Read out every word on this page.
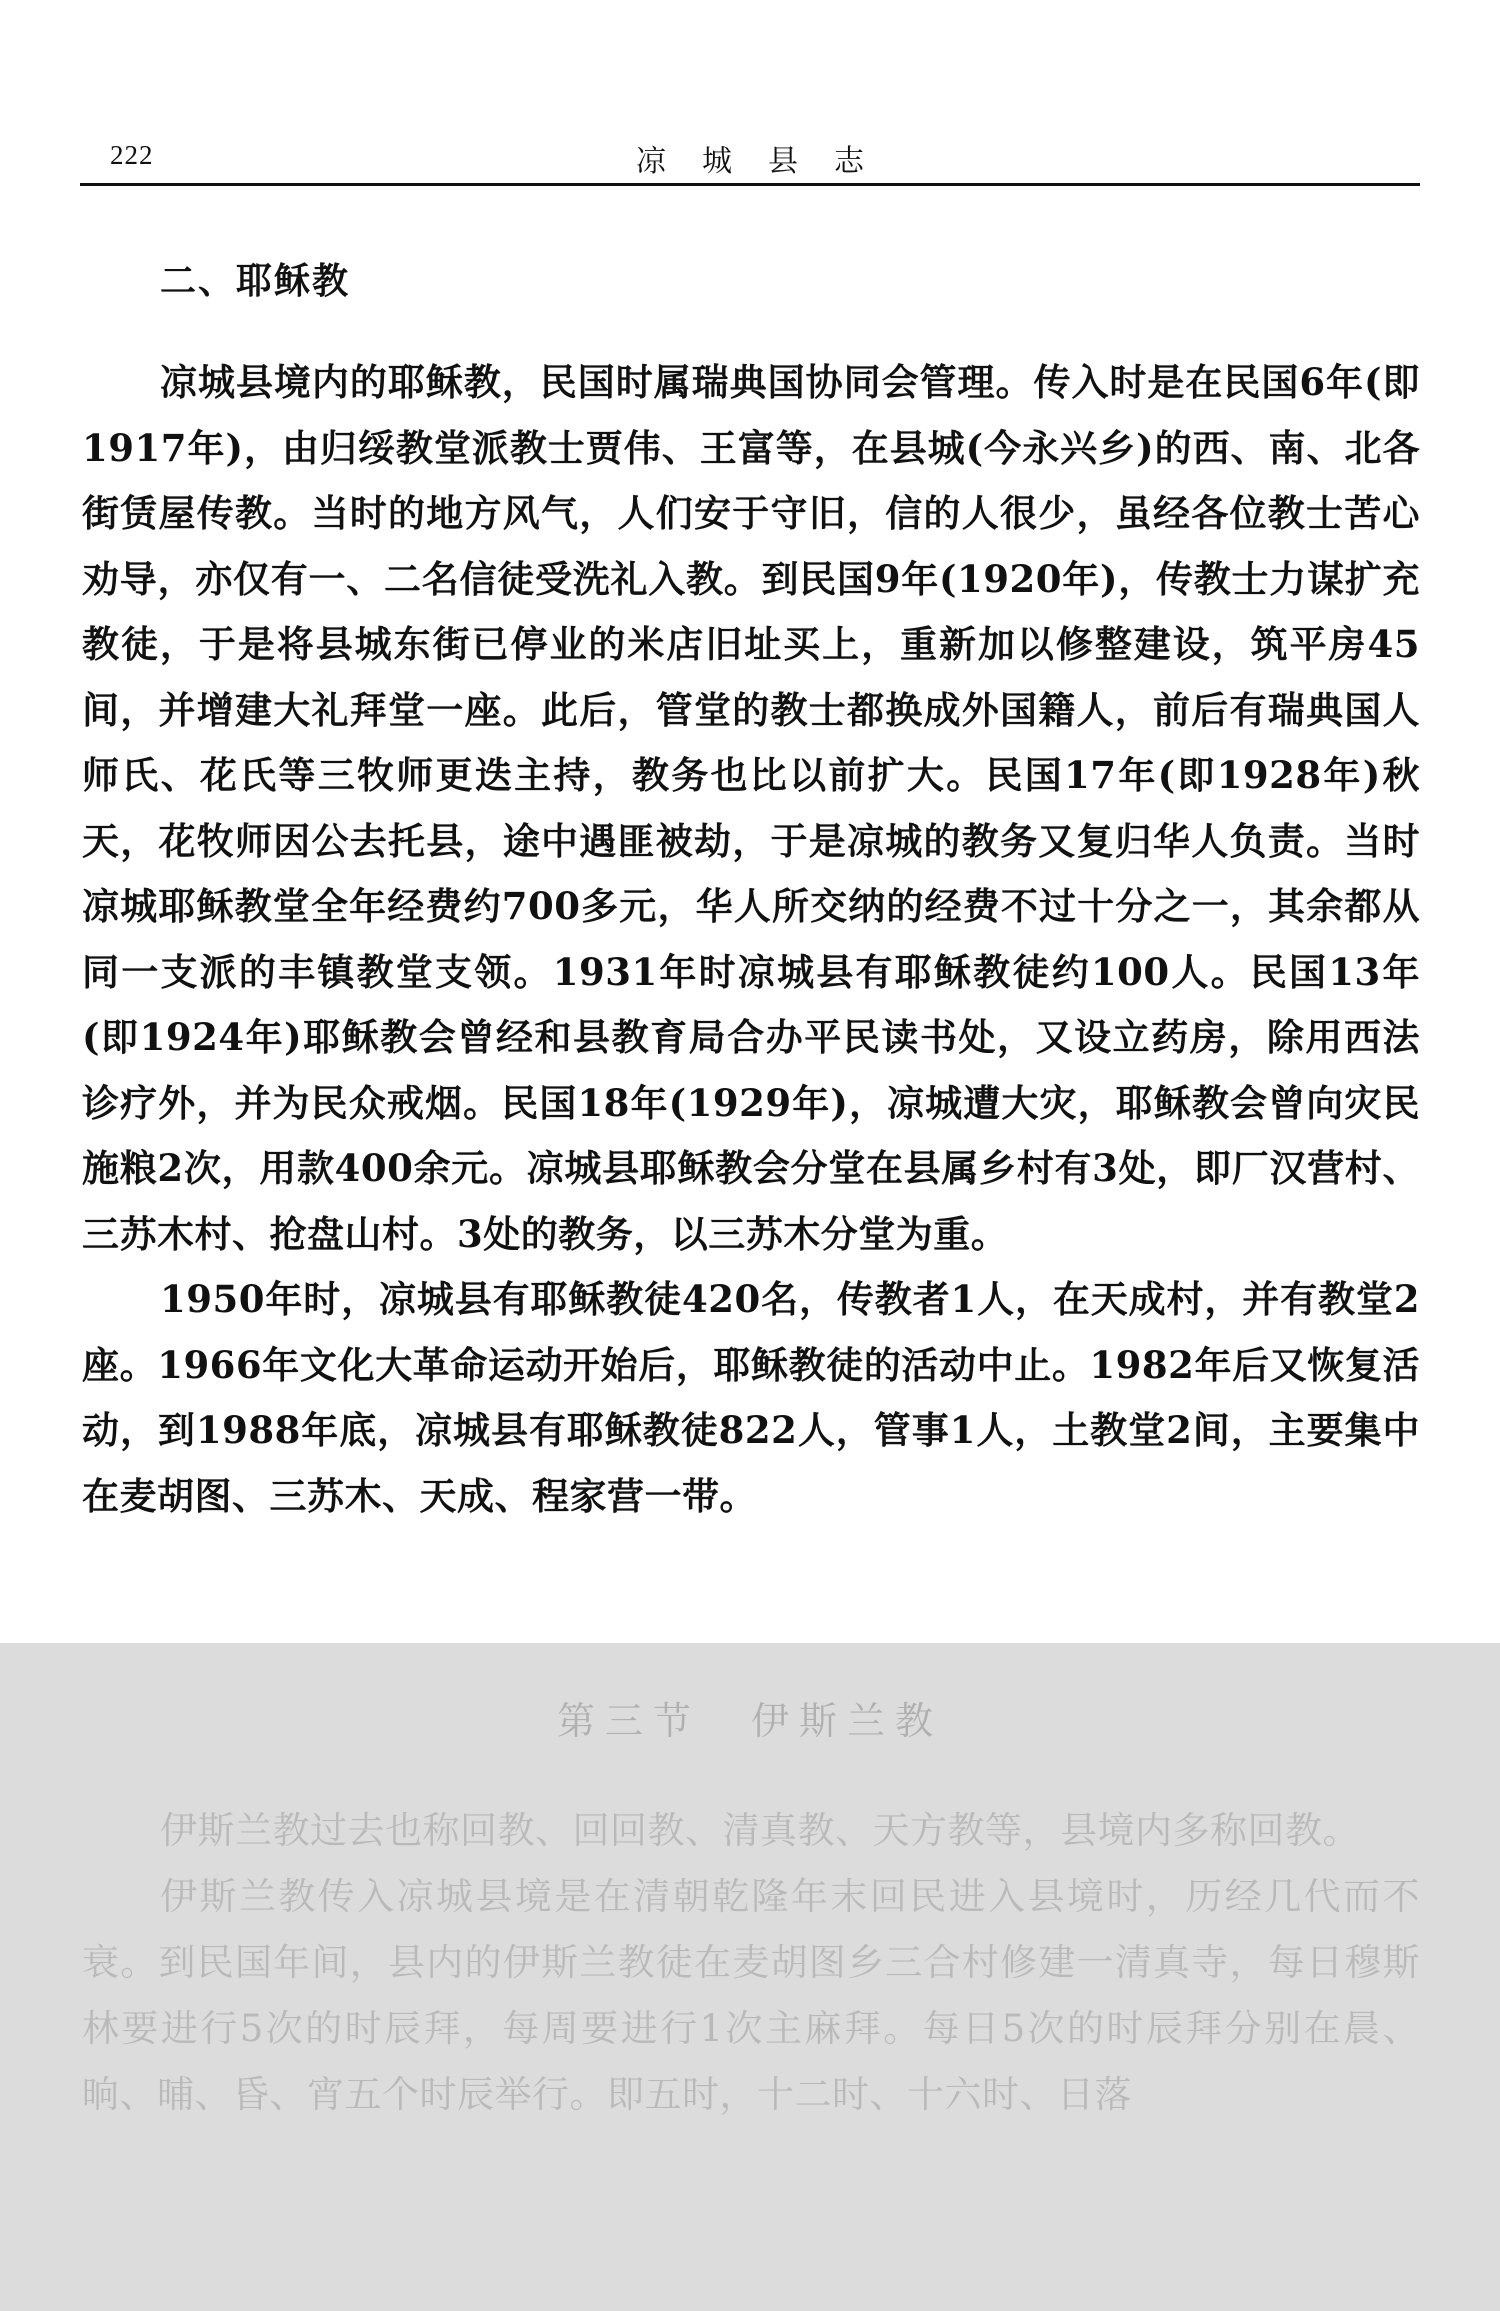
222	凉城县志
二、耶稣教

凉城县境内的耶稣教，民国时属瑞典国协同会管理。传入时是在民国6年(即1917年)，由归绥教堂派教士贾伟、王富等，在县城(今永兴乡)的西、南、北各街赁屋传教。当时的地方风气，人们安于守旧，信的人很少，虽经各位教士苦心劝导，亦仅有一、二名信徒受洗礼入教。到民国9年(1920年)，传教士力谋扩充教徒，于是将县城东街已停业的米店旧址买上，重新加以修整建设，筑平房45间，并增建大礼拜堂一座。此后，管堂的教士都换成外国籍人，前后有瑞典国人师氏、花氏等三牧师更迭主持，教务也比以前扩大。民国17年(即1928年)秋天，花牧师因公去托县，途中遇匪被劫，于是凉城的教务又复归华人负责。当时凉城耶稣教堂全年经费约700多元，华人所交纳的经费不过十分之一，其余都从同一支派的丰镇教堂支领。1931年时凉城县有耶稣教徒约100人。民国13年(即1924年)耶稣教会曾经和县教育局合办平民读书处，又设立药房，除用西法诊疗外，并为民众戒烟。民国18年(1929年)，凉城遭大灾，耶稣教会曾向灾民施粮2次，用款400余元。凉城县耶稣教会分堂在县属乡村有3处，即厂汉营村、三苏木村、抢盘山村。3处的教务，以三苏木分堂为重。

1950年时，凉城县有耶稣教徒420名，传教者1人，在天成村，并有教堂2座。1966年文化大革命运动开始后，耶稣教徒的活动中止。1982年后又恢复活动，到1988年底，凉城县有耶稣教徒822人，管事1人，土教堂2间，主要集中在麦胡图、三苏木、天成、程家营一带。

第三节 伊斯兰教

伊斯兰教过去也称回教、回回教、清真教、天方教等，县境内多称回教。

伊斯兰教传入凉城县境是在清朝乾隆年末回民进入县境时，历经几代而不衰。到民国年间，县内的伊斯兰教徒在麦胡图乡三合村修建一清真寺，每日穆斯林要进行5次的时辰拜，每周要进行1次主麻拜。每日5次的时辰拜分别在晨、晌、晡、昏、宵五个时辰举行。即五时，十二时、十六时、日落
